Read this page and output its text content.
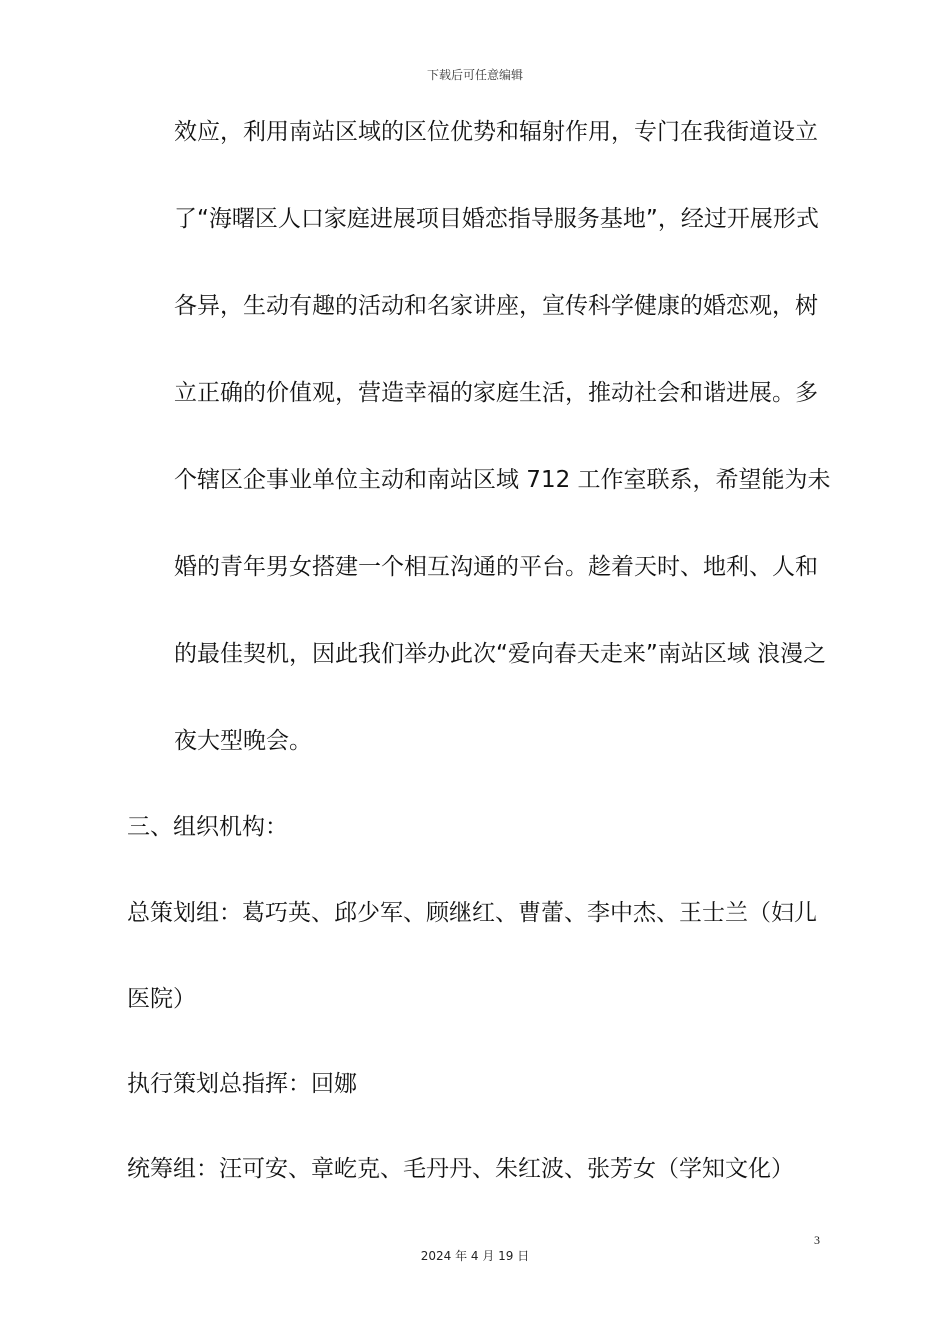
下载后可任意编辑
效应，利用南站区域的区位优势和辐射作用，专门在我街道设立
了“海曙区人口家庭进展项目婚恋指导服务基地”，经过开展形式
各异，生动有趣的活动和名家讲座，宣传科学健康的婚恋观，树
立正确的价值观，营造幸福的家庭生活，推动社会和谐进展。多
个辖区企事业单位主动和南站区域 712 工作室联系，希望能为未
婚的青年男女搭建一个相互沟通的平台。趁着天时、地利、人和
的最佳契机，因此我们举办此次“爱向春天走来”南站区域 浪漫之
夜大型晚会。
三、组织机构：
总策划组：葛巧英、邱少军、顾继红、曹蕾、李中杰、王士兰（妇儿
医院）
执行策划总指挥：回娜
统筹组：汪可安、章屹克、毛丹丹、朱红波、张芳女（学知文化）
3
2024 年 4 月 19 日
